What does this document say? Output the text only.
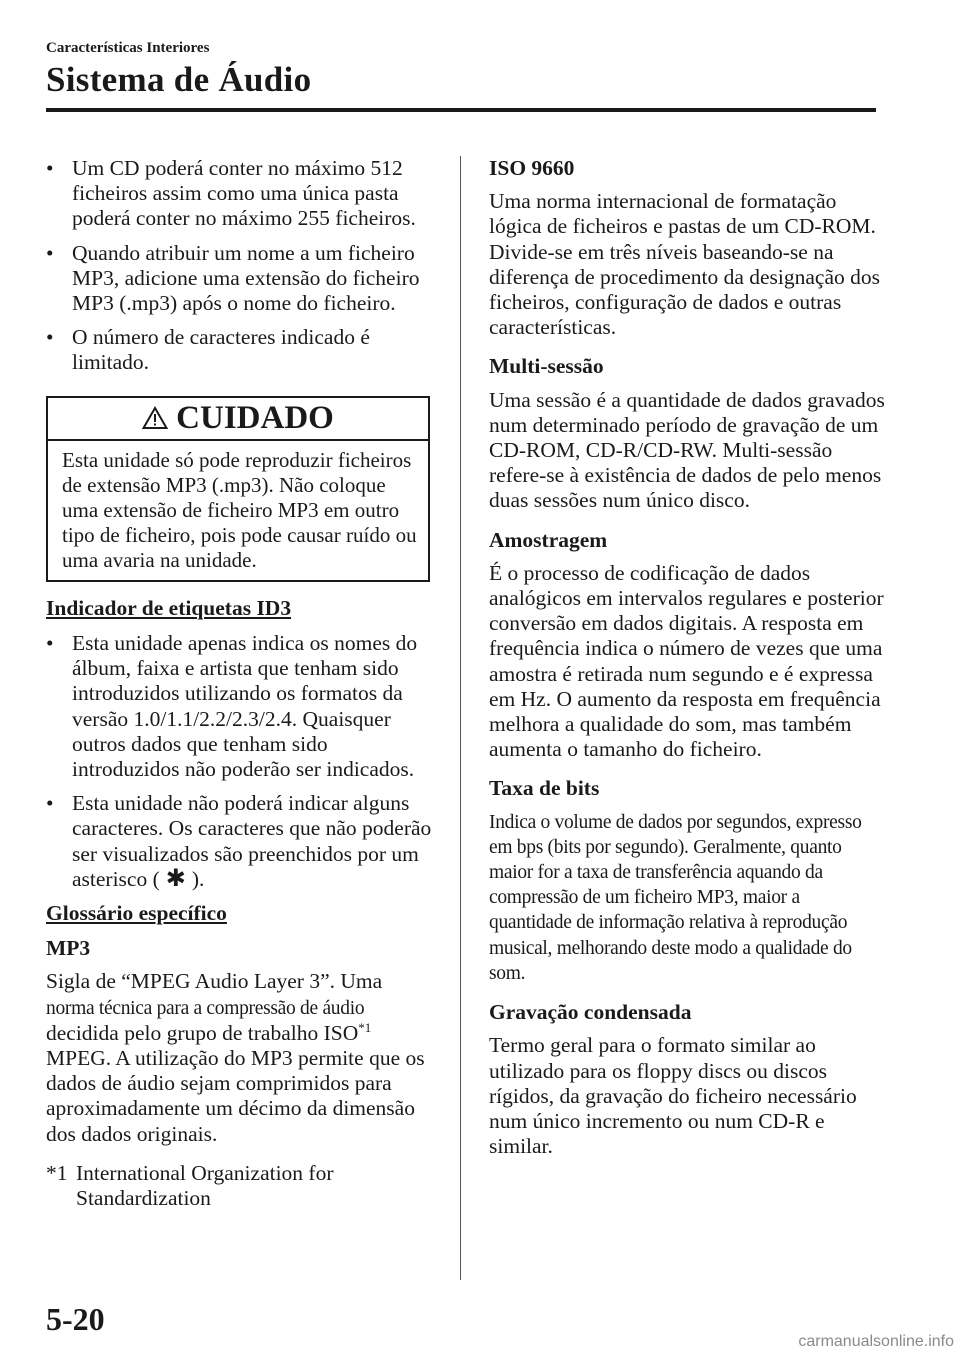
Características Interiores
Sistema de Áudio
• Um CD poderá conter no máximo 512 ficheiros assim como uma única pasta poderá conter no máximo 255 ficheiros.
• Quando atribuir um nome a um ficheiro MP3, adicione uma extensão do ficheiro MP3 (.mp3) após o nome do ficheiro.
• O número de caracteres indicado é limitado.
CUIDADO
Esta unidade só pode reproduzir ficheiros de extensão MP3 (.mp3). Não coloque uma extensão de ficheiro MP3 em outro tipo de ficheiro, pois pode causar ruído ou uma avaria na unidade.
Indicador de etiquetas ID3
• Esta unidade apenas indica os nomes do álbum, faixa e artista que tenham sido introduzidos utilizando os formatos da versão 1.0/1.1/2.2/2.3/2.4. Quaisquer outros dados que tenham sido introduzidos não poderão ser indicados.
• Esta unidade não poderá indicar alguns caracteres. Os caracteres que não poderão ser visualizados são preenchidos por um asterisco ( ✱ ).
Glossário específico
MP3

Sigla de “MPEG Audio Layer 3”. Uma
norma técnica para a compressão de áudio
decidida pelo grupo de trabalho ISO$^{*1}$ MPEG. A utilização do MP3 permite que os dados de áudio sejam comprimidos para aproximadamente um décimo da dimensão dos dados originais.

*1 International Organization for Standardization
ISO 9660

Uma norma internacional de formatação lógica de ficheiros e pastas de um CD-ROM.
Divide-se em três níveis baseando-se na diferença de procedimento da designação dos ficheiros, configuração de dados e outras características.

Multi-sessão

Uma sessão é a quantidade de dados gravados num determinado período de gravação de um CD-ROM, CD-R/CD-RW. Multi-sessão refere-se à existência de dados de pelo menos duas sessões num único disco.

Amostragem

É o processo de codificação de dados analógicos em intervalos regulares e posterior conversão em dados digitais. A resposta em frequência indica o número de vezes que uma amostra é retirada num segundo e é expressa em Hz. O aumento da resposta em frequência melhora a qualidade do som, mas também aumenta o tamanho do ficheiro.

Taxa de bits

Indica o volume de dados por segundos, expresso em bps (bits por segundo). Geralmente, quanto maior for a taxa de transferência aquando da compressão de um ficheiro MP3, maior a quantidade de informação relativa à reprodução musical, melhorando deste modo a qualidade do som.

Gravação condensada

Termo geral para o formato similar ao utilizado para os floppy discs ou discos rígidos, da gravação do ficheiro necessário num único incremento ou num CD-R e similar.

5-20
carmanualsonline.info
